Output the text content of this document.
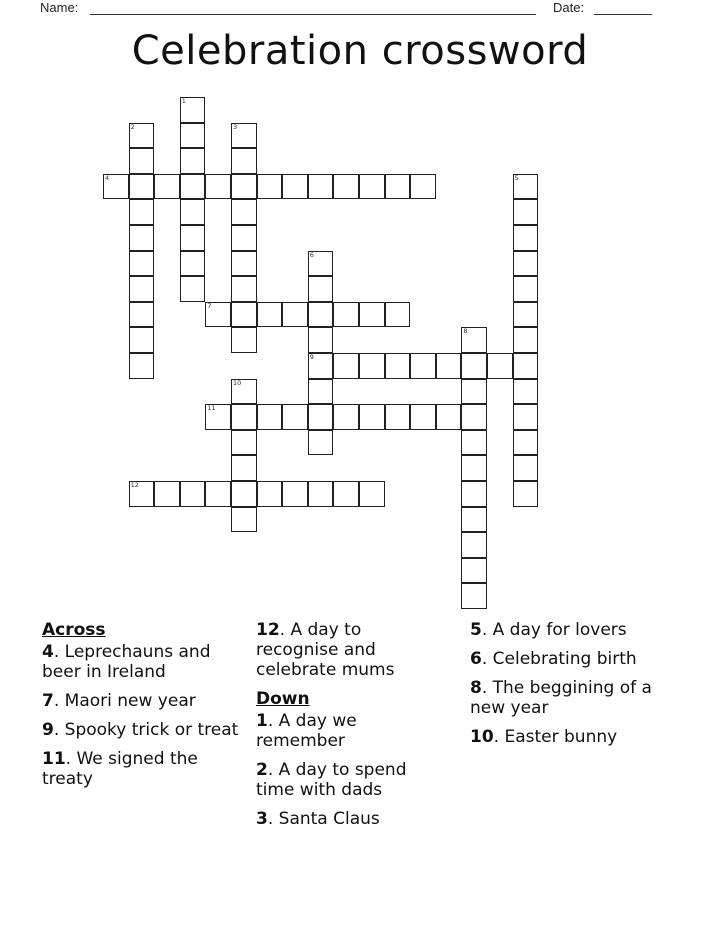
Name:	Date:
Celebration crossword
1
2	3
4	5
6
9
7
8
10
11
12
Across
4. Leprechauns and beer in Ireland
7. Maori new year
9. Spooky trick or treat
11. We signed the treaty
12. A day to recognise and celebrate mums
Down
1. A day we remember
2. A day to spend time with dads
3. Santa Claus
5. A day for lovers
6. Celebrating birth
8. The beggining of a new year
10. Easter bunny
